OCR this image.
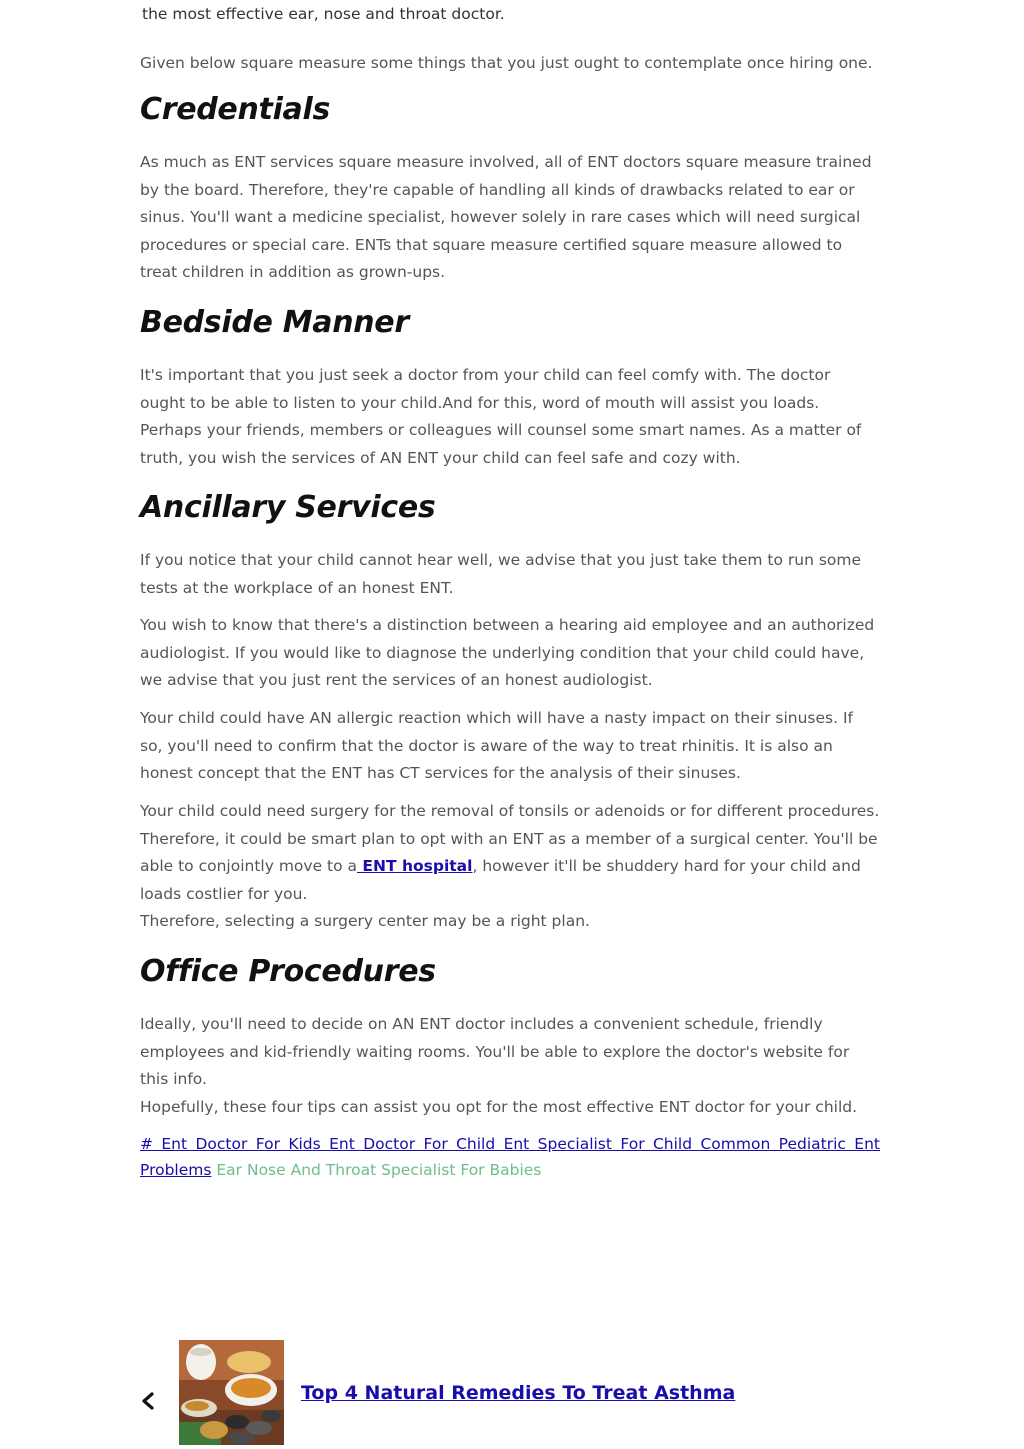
the most effective ear, nose and throat doctor.

Given below square measure some things that you just ought to contemplate once hiring one.

Credentials

As much as ENT services square measure involved, all of ENT doctors square measure trained by the board. Therefore, they're capable of handling all kinds of drawbacks related to ear or sinus. You'll want a medicine specialist, however solely in rare cases which will need surgical procedures or special care. ENTs that square measure certified square measure allowed to treat children in addition as grown-ups.

Bedside Manner

It's important that you just seek a doctor from your child can feel comfy with. The doctor ought to be able to listen to your child.And for this, word of mouth will assist you loads. Perhaps your friends, members or colleagues will counsel some smart names. As a matter of truth, you wish the services of AN ENT your child can feel safe and cozy with.

Ancillary Services

If you notice that your child cannot hear well, we advise that you just take them to run some tests at the workplace of an honest ENT.

You wish to know that there's a distinction between a hearing aid employee and an authorized audiologist. If you would like to diagnose the underlying condition that your child could have, we advise that you just rent the services of an honest audiologist.

Your child could have AN allergic reaction which will have a nasty impact on their sinuses. If so, you'll need to confirm that the doctor is aware of the way to treat rhinitis. It is also an honest concept that the ENT has CT services for the analysis of their sinuses.

Your child could need surgery for the removal of tonsils or adenoids or for different procedures. Therefore, it could be smart plan to opt with an ENT as a member of a surgical center. You'll be able to conjointly move to a ENT hospital, however it'll be shuddery hard for your child and loads costlier for you.
Therefore, selecting a surgery center may be a right plan.

Office Procedures

Ideally, you'll need to decide on AN ENT doctor includes a convenient schedule, friendly employees and kid-friendly waiting rooms. You'll be able to explore the doctor's website for this info.
Hopefully, these four tips can assist you opt for the most effective ENT doctor for your child.

# Ent Doctor For Kids Ent Doctor For Child Ent Specialist For Child Common Pediatric Ent Problems Ear Nose And Throat Specialist For Babies
Top 4 Natural Remedies To Treat Asthma
